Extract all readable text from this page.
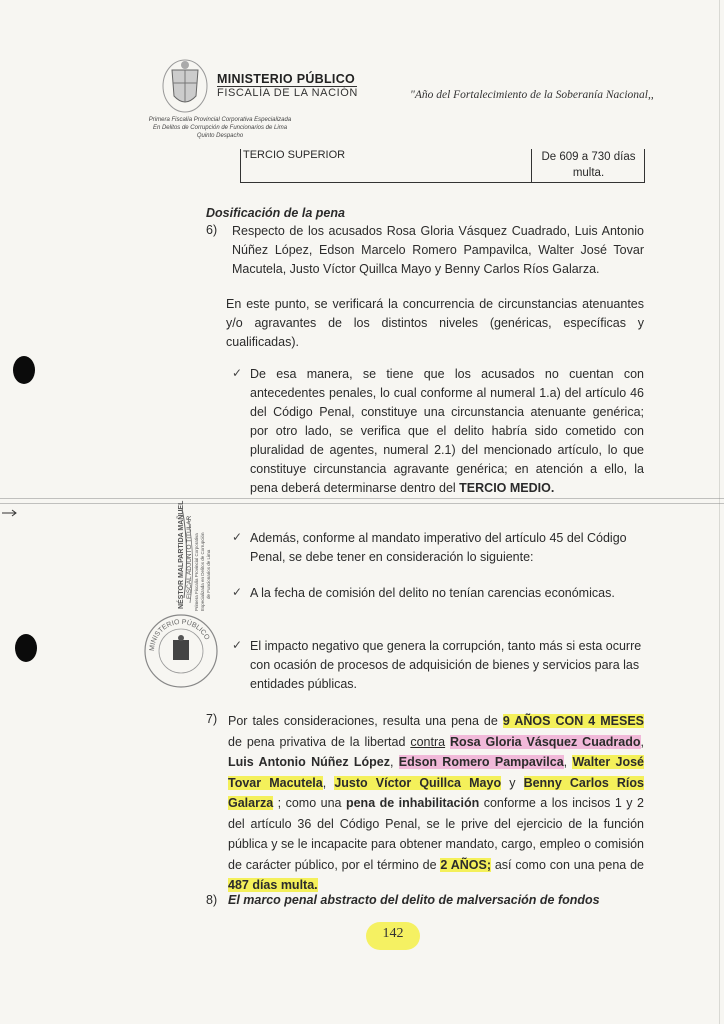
MINISTERIO PÚBLICO
FISCALÍA DE LA NACIÓN	"Año del Fortalecimiento de la Soberanía Nacional,,
Primera Fiscalía Provincial Corporativa Especializada
En Delitos de Corrupción de Funcionarios de Lima
Quinto Despacho
TERCIO SUPERIOR	De 609 a 730 días
multa.
Dosificación de la pena
6) Respecto de los acusados Rosa Gloria Vásquez Cuadrado, Luis Antonio Núñez López, Edson Marcelo Romero Pampavilca, Walter José Tovar Macutela, Justo Víctor Quillca Mayo y Benny Carlos Ríos Galarza.
En este punto, se verificará la concurrencia de circunstancias atenuantes y/o agravantes de los distintos niveles (genéricas, específicas y cualificadas).
✓ De esa manera, se tiene que los acusados no cuentan con antecedentes penales, lo cual conforme al numeral 1.a) del artículo 46 del Código Penal, constituye una circunstancia atenuante genérica; por otro lado, se verifica que el delito habría sido cometido con pluralidad de agentes, numeral 2.1) del mencionado artículo, lo que constituye circunstancia agravante genérica; en atención a ello, la pena deberá determinarse dentro del TERCIO MEDIO.
✓ Además, conforme al mandato imperativo del artículo 45 del Código Penal, se debe tener en consideración lo siguiente:
✓ A la fecha de comisión del delito no tenían carencias económicas.
✓ El impacto negativo que genera la corrupción, tanto más si esta ocurre con ocasión de procesos de adquisición de bienes y servicios para las entidades públicas.
7) Por tales consideraciones, resulta una pena de 9 AÑOS CON 4 MESES de pena privativa de la libertad contra Rosa Gloria Vásquez Cuadrado, Luis Antonio Núñez López, Edson Romero Pampavilca, Walter José Tovar Macutela, Justo Víctor Quillca Mayo y Benny Carlos Ríos Galarza ; como una pena de inhabilitación conforme a los incisos 1 y 2 del artículo 36 del Código Penal, se le prive del ejercicio de la función pública y se le incapacite para obtener mandato, cargo, empleo o comisión de carácter público, por el término de 2 AÑOS; así como con una pena de 487 días multa.
8) El marco penal abstracto del delito de malversación de fondos
NÉSTOR MALPARTIDA MAÑUEL FISCAL ADJUNTO TITULAR Primera Fiscalía Provincial Corporativa Especializada en Delitos de Corrupción de Funcionarios de Lima
MINISTERIO PÚBLICO
142
